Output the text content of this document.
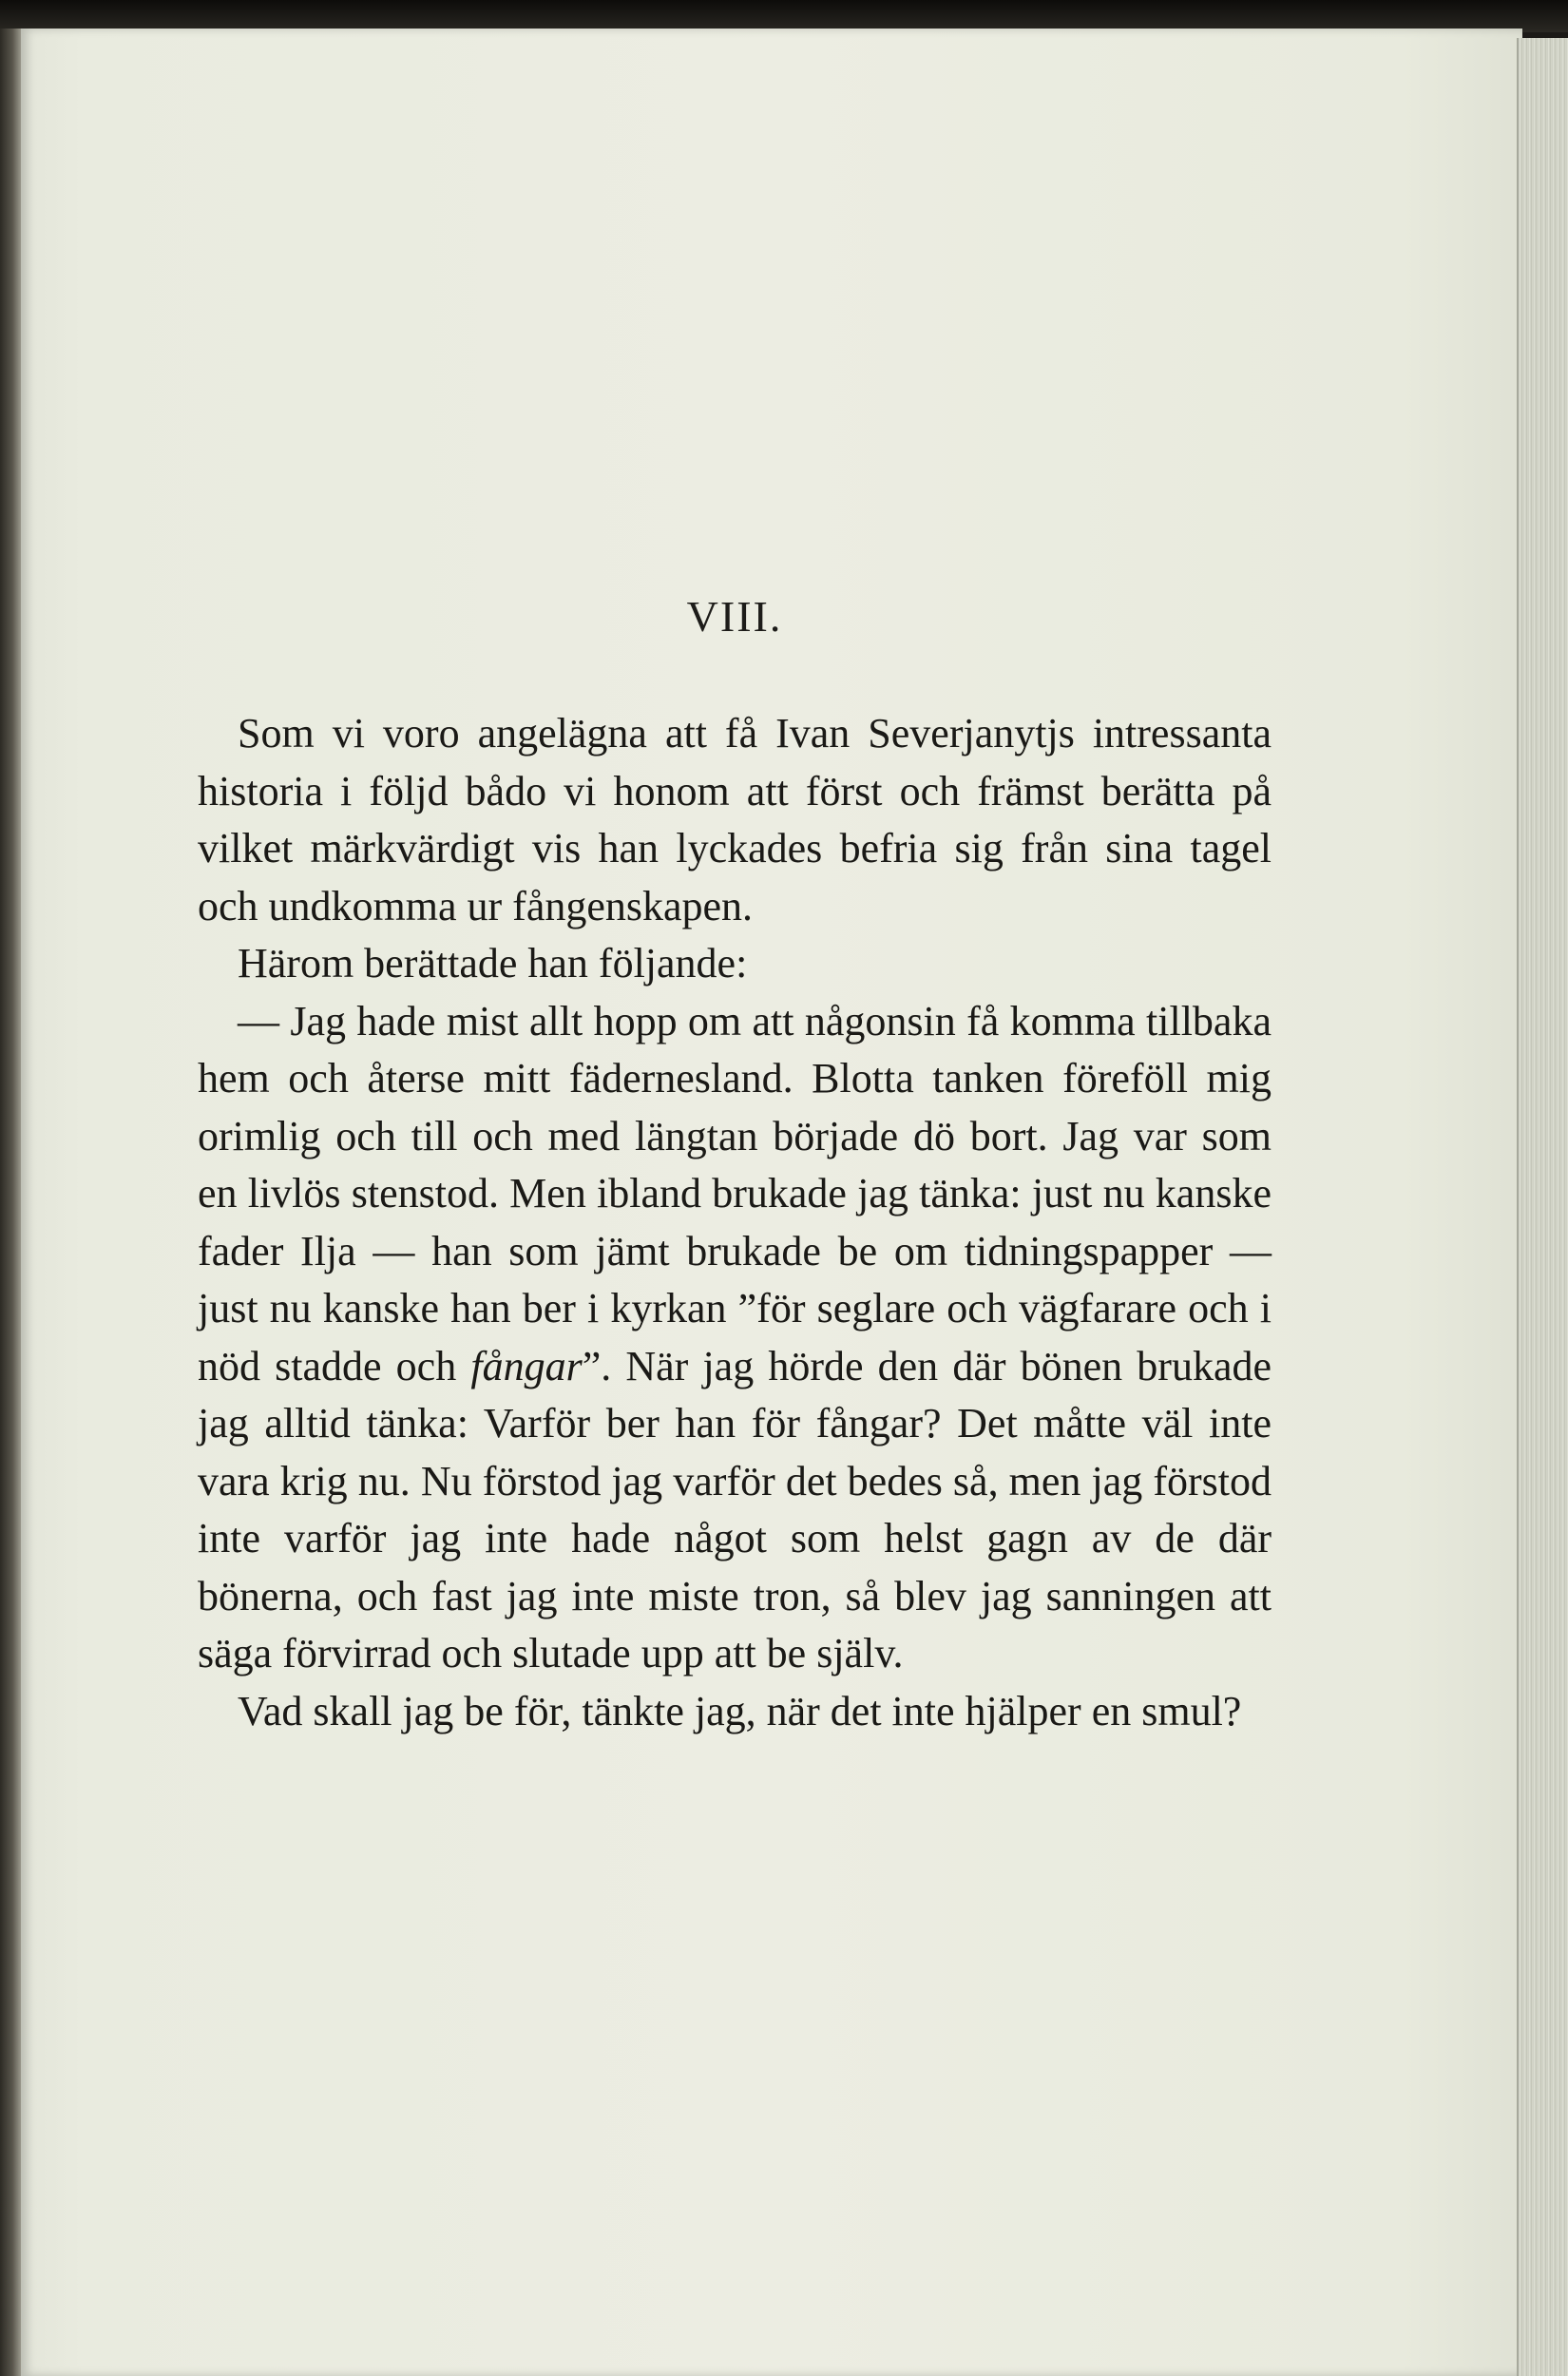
VIII.

Som vi voro angelägna att få Ivan Severjanytjs intressanta historia i följd bådo vi honom att först och främst berätta på vilket märkvärdigt vis han lyckades befria sig från sina tagel och undkomma ur fångenskapen.

Härom berättade han följande:

— Jag hade mist allt hopp om att någonsin få komma tillbaka hem och återse mitt fädernesland. Blotta tanken föreföll mig orimlig och till och med längtan började dö bort. Jag var som en livlös stenstod. Men ibland brukade jag tänka: just nu kanske fader Ilja — han som jämt brukade be om tidningspapper — just nu kanske han ber i kyrkan ”för seglare och vägfarare och i nöd stadde och fångar”. När jag hörde den där bönen brukade jag alltid tänka: Varför ber han för fångar? Det måtte väl inte vara krig nu. Nu förstod jag varför det bedes så, men jag förstod inte varför jag inte hade något som helst gagn av de där bönerna, och fast jag inte miste tron, så blev jag sanningen att säga förvirrad och slutade upp att be själv.

Vad skall jag be för, tänkte jag, när det inte hjälper en smul?
